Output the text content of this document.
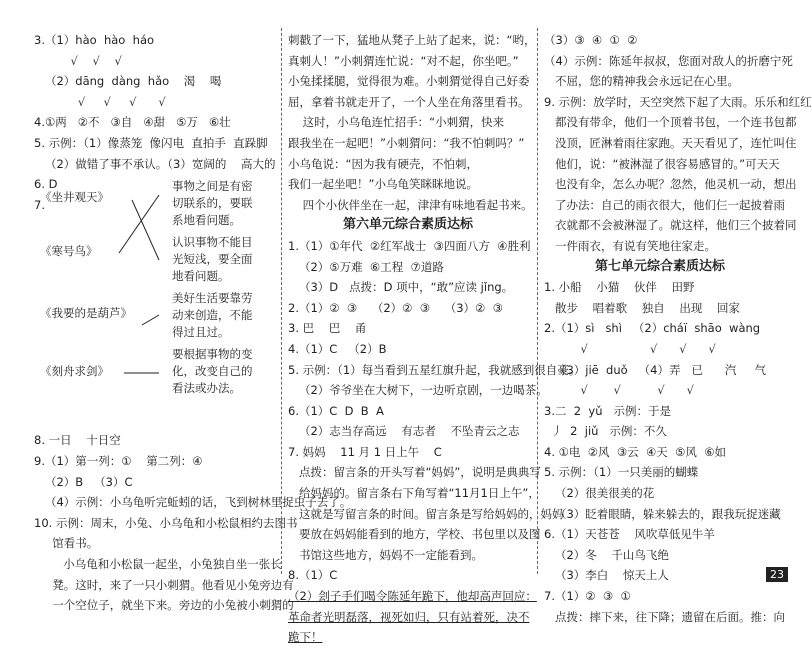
3.（1）hào  hào  háo
√    √    √
（2）dāng  dàng  hǎo    渴    喝
√     √     √      √
4.①两   ②不   ③自   ④甜   ⑤万   ⑥壮
5. 示例：（1）像蒸笼  像闪电  直拍手  直跺脚
（2）做错了事不承认。（3）宽阔的    高大的
6. D
7.
8. 一日    十日空
9.（1）第一列：①    第二列：④
（2）B   （3）C
（4）示例：小乌龟听完蚯蚓的话，飞到树林里捉虫子去了。
10. 示例：周末，小兔、小乌龟和小松鼠相约去图书
馆看书。
小乌龟和小松鼠一起坐，小兔独自坐一张长
凳。这时，来了一只小刺猬。他看见小兔旁边有
一个空位子，就坐下来。旁边的小兔被小刺猬的
《坐井观天》
《寒号鸟》
《我要的是葫芦》
《刻舟求剑》
事物之间是有密
切联系的，要联
系地看问题。
认识事物不能目
光短浅，要全面
地看问题。
美好生活要靠劳
动来创造，不能
得过且过。
要根据事物的变
化，改变自己的
看法或办法。
刺戳了一下，猛地从凳子上站了起来，说：“哟，
真刺人！”小刺猬连忙说：“对不起，你坐吧。”
小兔揉揉腿，觉得很为难。小刺猬觉得自己好委
屈，拿着书就走开了，一个人坐在角落里看书。
这时，小乌龟连忙招手：“小刺猬，快来
跟我坐在一起吧！”小刺猬问：“我不怕刺吗？”
小乌龟说：“因为我有硬壳，不怕刺，
我们一起坐吧！”小乌龟笑眯眯地说。
四个小伙伴坐在一起，津津有味地看起书来。
第六单元综合素质达标
1.（1）①年代  ②红军战士  ③四面八方  ④胜利
（2）⑤万难  ⑥工程  ⑦道路
（3）D   点拨：D 项中，“敢”应读 jǐng。
2.（1）②  ③    （2）②  ③    （3）②  ③
3. 巴    巴    甬
4.（1）C   （2）B
5. 示例：（1）每当看到五星红旗升起，我就感到很自豪。
（2）爷爷坐在大树下，一边听京剧，一边喝茶。
6.（1）C  D  B  A
（2）志当存高远    有志者    不坠青云之志
7. 妈妈    11 月 1 日上午    C
点拨：留言条的开头写着“妈妈”，说明是典典写
给妈妈的。留言条右下角写着“11月1日上午”，
这就是写留言条的时间。留言条是写给妈妈的，妈妈
要放在妈妈能看到的地方，学校、书包里以及图
书馆这些地方，妈妈不一定能看到。
8.（1）C
（2）刽子手们喝令陈延年跪下，他却高声回应：
革命者光明磊落，视死如归，只有站着死，决不
跪下！
（3）③  ④  ①  ②
（4）示例：陈延年叔叔，您面对敌人的折磨宁死
不屈，您的精神我会永远记在心里。
9. 示例：放学时，天空突然下起了大雨。乐乐和红红
都没有带伞，他们一个顶着书包，一个连书包都
没顶，匠淋着雨往家跑。天天看见了，连忙叫住
他们，说：“被淋湿了很容易感冒的。”可天天
也没有伞，怎么办呢？忽然，他灵机一动，想出
了办法：自己的雨衣很大，他们仨一起披着雨
衣就都不会被淋湿了。就这样，他们三个披着同
一件雨衣，有说有笑地往家走。
第七单元综合素质达标
1. 小船    小猫    伙伴    田野
散步    唱着歌    独自    出现    回家
2.（1）sì   shì   （2）cháï  shāo  wàng
√                 √      √      √
（3）jiē  duǒ   （4）弄   已      汽     气
√       √          √      √
3.二  2  yǔ   示例：于是
丿  2  jiǔ   示例：不久
4. ①电  ②风  ③云  ④天  ⑤风  ⑥如
5. 示例：（1）一只美丽的蝴蝶
（2）很美很美的花
（3）眨着眼睛，躲来躲去的，跟我玩捉迷藏
6.（1）天苍苍    风吹草低见牛羊
（2）冬    千山鸟飞绝
（3）李白    惊天上人
7.（1）②  ③  ①
点拨：摔下来，往下降；遗留在后面。推：向
23
